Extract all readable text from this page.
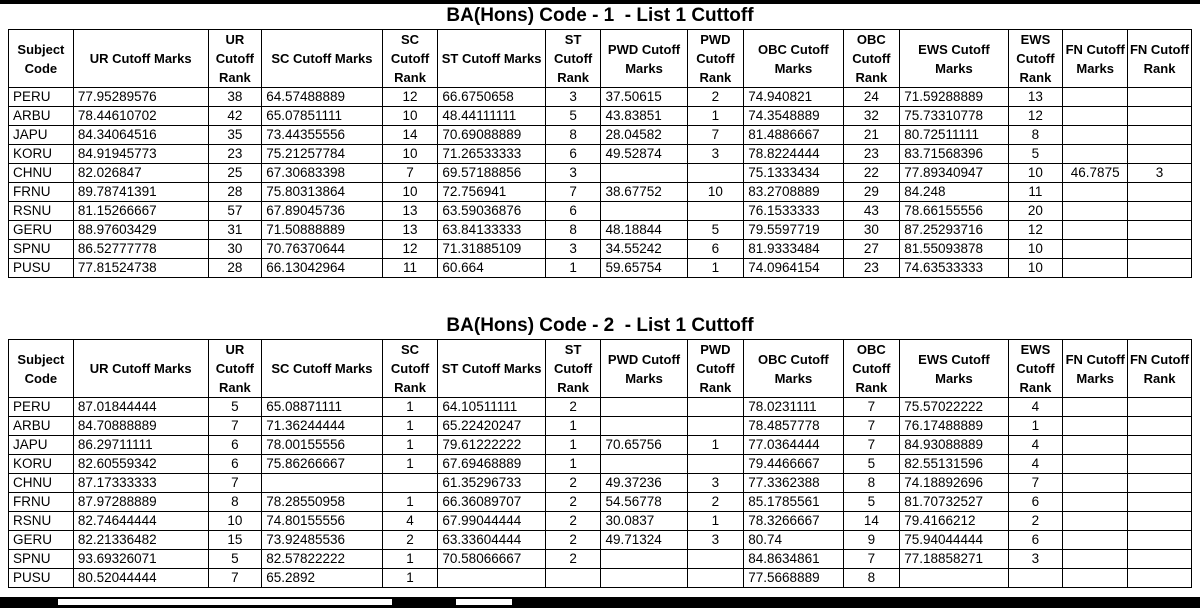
BA(Hons) Code - 1  - List 1 Cuttoff
Subject Code	UR Cutoff Marks	UR Cutoff Rank	SC Cutoff Marks	SC Cutoff Rank	ST Cutoff Marks	ST Cutoff Rank	PWD Cutoff Marks	PWD Cutoff Rank	OBC Cutoff Marks	OBC Cutoff Rank	EWS Cutoff Marks	EWS Cutoff Rank	FN Cutoff Marks	FN Cutoff Rank
PERU	77.95289576	38	64.57488889	12	66.6750658	3	37.50615	2	74.940821	24	71.59288889	13		
ARBU	78.44610702	42	65.07851111	10	48.44111111	5	43.83851	1	74.3548889	32	75.73310778	12		
JAPU	84.34064516	35	73.44355556	14	70.69088889	8	28.04582	7	81.4886667	21	80.72511111	8		
KORU	84.91945773	23	75.21257784	10	71.26533333	6	49.52874	3	78.8224444	23	83.71568396	5		
CHNU	82.026847	25	67.30683398	7	69.57188856	3			75.1333434	22	77.89340947	10	46.7875	3
FRNU	89.78741391	28	75.80313864	10	72.756941	7	38.67752	10	83.2708889	29	84.248	11		
RSNU	81.15266667	57	67.89045736	13	63.59036876	6			76.1533333	43	78.66155556	20		
GERU	88.97603429	31	71.50888889	13	63.84133333	8	48.18844	5	79.5597719	30	87.25293716	12		
SPNU	86.52777778	30	70.76370644	12	71.31885109	3	34.55242	6	81.9333484	27	81.55093878	10		
PUSU	77.81524738	28	66.13042964	11	60.664	1	59.65754	1	74.0964154	23	74.63533333	10		
BA(Hons) Code - 2  - List 1 Cuttoff
Subject Code	UR Cutoff Marks	UR Cutoff Rank	SC Cutoff Marks	SC Cutoff Rank	ST Cutoff Marks	ST Cutoff Rank	PWD Cutoff Marks	PWD Cutoff Rank	OBC Cutoff Marks	OBC Cutoff Rank	EWS Cutoff Marks	EWS Cutoff Rank	FN Cutoff Marks	FN Cutoff Rank
PERU	87.01844444	5	65.08871111	1	64.10511111	2			78.0231111	7	75.57022222	4		
ARBU	84.70888889	7	71.36244444	1	65.22420247	1			78.4857778	7	76.17488889	1		
JAPU	86.29711111	6	78.00155556	1	79.61222222	1	70.65756	1	77.0364444	7	84.93088889	4		
KORU	82.60559342	6	75.86266667	1	67.69468889	1			79.4466667	5	82.55131596	4		
CHNU	87.17333333	7			61.35296733	2	49.37236	3	77.3362388	8	74.18892696	7		
FRNU	87.97288889	8	78.28550958	1	66.36089707	2	54.56778	2	85.1785561	5	81.70732527	6		
RSNU	82.74644444	10	74.80155556	4	67.99044444	2	30.0837	1	78.3266667	14	79.4166212	2		
GERU	82.21336482	15	73.92485536	2	63.33604444	2	49.71324	3	80.74	9	75.94044444	6		
SPNU	93.69326071	5	82.57822222	1	70.58066667	2			84.8634861	7	77.18858271	3		
PUSU	80.52044444	7	65.2892	1					77.5668889	8				
